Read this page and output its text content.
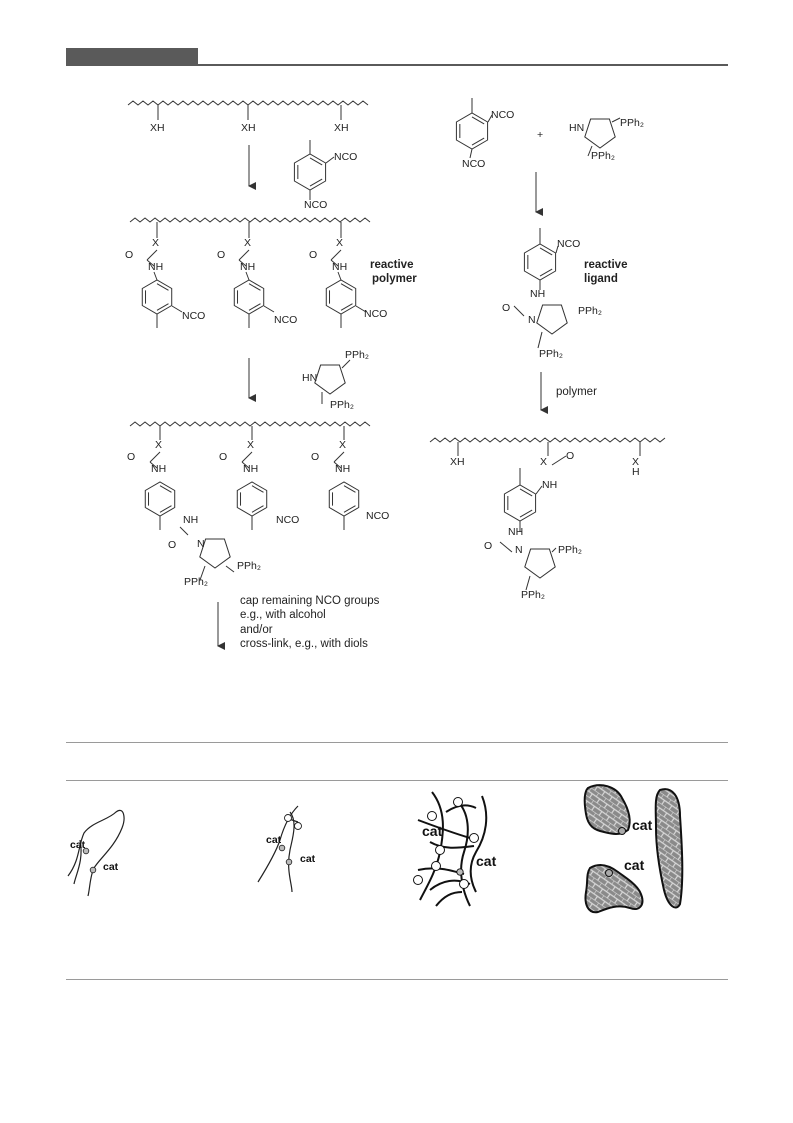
XH	XH	XH
NCO
NCO
X	X	X
O	O	O
NH	NH	NH
NCO	NCO	NCO
reactive
polymer
HN
PPh₂
PPh₂
X	X	X
O	O	O
NH	NH	NH
NH	NCO	NCO
O N
PPh₂
PPh₂
cap remaining NCO groups
e.g., with alcohol
and/or
cross-link, e.g., with diols
NCO
NCO
+
HN	PPh₂
PPh₂
NCO
reactive
ligand
NH
O
N
PPh₂
PPh₂
polymer
XH	X O	X
H
NH
NH
O N	PPh₂
PPh₂
cat
cat
cat
cat
cat
cat
cat
cat
